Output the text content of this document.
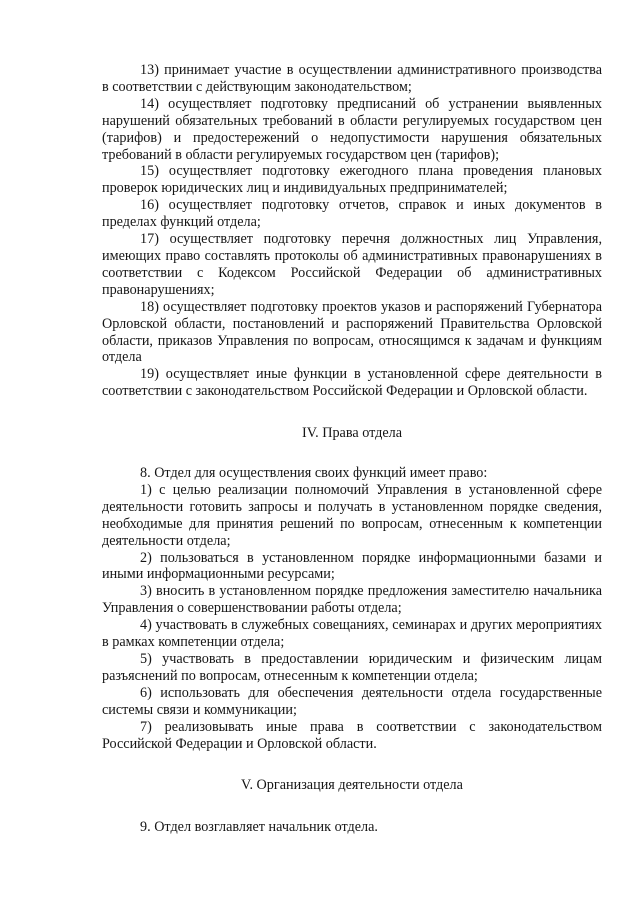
13) принимает участие в осуществлении административного производства в соответствии с действующим законодательством;

14) осуществляет подготовку предписаний об устранении выявленных нарушений обязательных требований в области регулируемых государством цен (тарифов) и предостережений о недопустимости нарушения обязательных требований в области регулируемых государством цен (тарифов);

15) осуществляет подготовку ежегодного плана проведения плановых проверок юридических лиц и индивидуальных предпринимателей;

16) осуществляет подготовку отчетов, справок и иных документов в пределах функций отдела;

17) осуществляет подготовку перечня должностных лиц Управления, имеющих право составлять протоколы об административных правонарушениях в соответствии с Кодексом Российской Федерации об административных правонарушениях;

18) осуществляет подготовку проектов указов и распоряжений Губернатора Орловской области, постановлений и распоряжений Правительства Орловской области, приказов Управления по вопросам, относящимся к задачам и функциям отдела

19) осуществляет иные функции в установленной сфере деятельности в соответствии с законодательством Российской Федерации и Орловской области.

IV. Права отдела

8. Отдел для осуществления своих функций имеет право:

1) с целью реализации полномочий Управления в установленной сфере деятельности готовить запросы и получать в установленном порядке сведения, необходимые для принятия решений по вопросам, отнесенным к компетенции деятельности отдела;

2) пользоваться в установленном порядке информационными базами и иными информационными ресурсами;

3) вносить в установленном порядке предложения заместителю начальника Управления о совершенствовании работы отдела;

4) участвовать в служебных совещаниях, семинарах и других мероприятиях в рамках компетенции отдела;

5) участвовать в предоставлении юридическим и физическим лицам разъяснений по вопросам, отнесенным к компетенции отдела;

6) использовать для обеспечения деятельности отдела государственные системы связи и коммуникации;

7) реализовывать иные права в соответствии с законодательством Российской Федерации и Орловской области.

V. Организация деятельности отдела

9. Отдел возглавляет начальник отдела.
